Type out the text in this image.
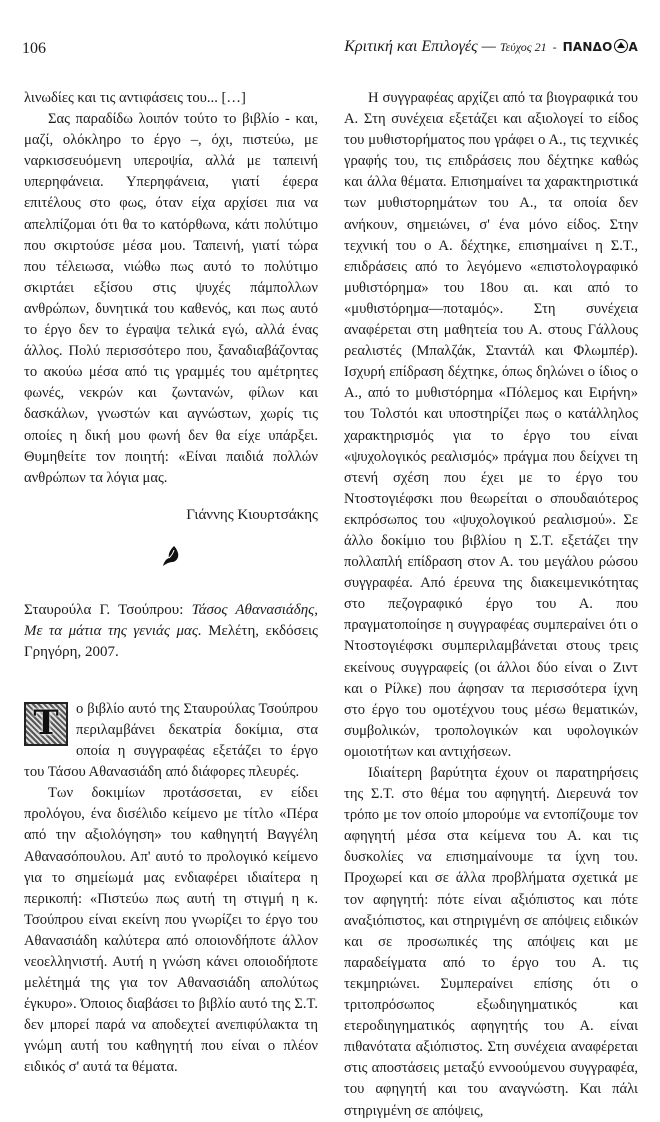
106	Κριτική και Επιλογές — Τεύχος 21 - ΠΑΝΔΟ Α

λινωδίες και τις αντιφάσεις του... […]

Σας παραδίδω λοιπόν τούτο το βιβλίο - και, μαζί, ολόκληρο το έργο –, όχι, πιστεύω, με ναρκισσευόμενη υπεροψία, αλλά με ταπεινή υπερηφάνεια. Υπερηφάνεια, γιατί έφερα επιτέλους στο φως, όταν είχα αρχίσει πια να απελπίζομαι ότι θα το κατόρθωνα, κάτι πολύτιμο που σκιρτούσε μέσα μου. Ταπεινή, γιατί τώρα που τέλειωσα, νιώθω πως αυτό το πολύτιμο σκιρτάει εξίσου στις ψυχές πάμπολλων ανθρώπων, δυνητικά του καθενός, και πως αυτό το έργο δεν το έγραψα τελικά εγώ, αλλά ένας άλλος. Πολύ περισσότερο που, ξαναδιαβάζοντας το ακούω μέσα από τις γραμμές του αμέτρητες φωνές, νεκρών και ζωντανών, φίλων και δασκάλων, γνωστών και αγνώστων, χωρίς τις οποίες η δική μου φωνή δεν θα είχε υπάρξει. Θυμηθείτε τον ποιητή: «Είναι παιδιά πολλών ανθρώπων τα λόγια μας.

Γιάννης Κιουρτσάκης

Σταυρούλα Γ. Τσούπρου: Τάσος Αθανασιάδης, Με τα μάτια της γενιάς μας. Μελέτη, εκδόσεις Γρηγόρη, 2007.

Τ	ο βιβλίο αυτό της Σταυρούλας Τσούπρου περιλαμβάνει δεκατρία δοκίμια, στα οποία η συγγραφέας εξετάζει το έργο του Τάσου Αθανασιάδη από διάφορες πλευρές.

Των δοκιμίων προτάσσεται, εν είδει προλόγου, ένα δισέλιδο κείμενο με τίτλο «Πέρα από την αξιολόγηση» του καθηγητή Βαγγέλη Αθανασόπουλου. Απ' αυτό το προλογικό κείμενο για το σημείωμά μας ενδιαφέρει ιδιαίτερα η περικοπή: «Πιστεύω πως αυτή τη στιγμή η κ. Τσούπρου είναι εκείνη που γνωρίζει το έργο του Αθανασιάδη καλύτερα από οποιονδήποτε άλλον νεοελληνιστή. Αυτή η γνώση κάνει οποιοδήποτε μελέτημά της για τον Αθανασιάδη απολύτως έγκυρο». Όποιος διαβάσει το βιβλίο αυτό της Σ.Τ. δεν μπορεί παρά να αποδεχτεί ανεπιφύλακτα τη γνώμη αυτή του καθηγητή που είναι ο πλέον ειδικός σ' αυτά τα θέματα.

Η συγγραφέας αρχίζει από τα βιογραφικά του Α. Στη συνέχεια εξετάζει και αξιολογεί το είδος του μυθιστορήματος που γράφει ο Α., τις τεχνικές γραφής του, τις επιδράσεις που δέχτηκε καθώς και άλλα θέματα. Επισημαίνει τα χαρακτηριστικά των μυθιστορημάτων του Α., τα οποία δεν ανήκουν, σημειώνει, σ' ένα μόνο είδος. Στην τεχνική του ο Α. δέχτηκε, επισημαίνει η Σ.Τ., επιδράσεις από το λεγόμενο «επιστολογραφικό μυθιστόρημα» του 18ου αι. και από το «μυθιστόρημα—ποταμός». Στη συνέχεια αναφέρεται στη μαθητεία του Α. στους Γάλλους ρεαλιστές (Μπαλζάκ, Σταντάλ και Φλωμπέρ). Ισχυρή επίδραση δέχτηκε, όπως δηλώνει ο ίδιος ο Α., από το μυθιστόρημα «Πόλεμος και Ειρήνη» του Τολστόι και υποστηρίζει πως ο κατάλληλος χαρακτηρισμός για το έργο του είναι «ψυχολογικός ρεαλισμός» πράγμα που δείχνει τη στενή σχέση που έχει με το έργο του Ντοστογιέφσκι που θεωρείται ο σπουδαιότερος εκπρόσωπος του «ψυχολογικού ρεαλισμού». Σε άλλο δοκίμιο του βιβλίου η Σ.Τ. εξετάζει την πολλαπλή επίδραση στον Α. του μεγάλου ρώσου συγγραφέα. Από έρευνα της διακειμενικότητας στο πεζογραφικό έργο του Α. που πραγματοποίησε η συγγραφέας συμπεραίνει ότι ο Ντοστογιέφσκι συμπεριλαμβάνεται στους τρεις εκείνους συγγραφείς (οι άλλοι δύο είναι ο Ζιντ και ο Ρίλκε) που άφησαν τα περισσότερα ίχνη στο έργο του ομοτέχνου τους μέσω θεματικών, συμβολικών, τροπολογικών και υφολογικών ομοιοτήτων και αντιχήσεων.

Ιδιαίτερη βαρύτητα έχουν οι παρατηρήσεις της Σ.Τ. στο θέμα του αφηγητή. Διερευνά τον τρόπο με τον οποίο μπορούμε να εντοπίζουμε τον αφηγητή μέσα στα κείμενα του Α. και τις δυσκολίες να επισημαίνουμε τα ίχνη του. Προχωρεί και σε άλλα προβλήματα σχετικά με τον αφηγητή: πότε είναι αξιόπιστος και πότε αναξιόπιστος, και στηριγμένη σε απόψεις ειδικών και σε προσωπικές της απόψεις και με παραδείγματα από το έργο του Α. τις τεκμηριώνει. Συμπεραίνει επίσης ότι ο τριτοπρόσωπος εξωδιηγηματικός και ετεροδιηγηματικός αφηγητής του Α. είναι πιθανότατα αξιόπιστος. Στη συνέχεια αναφέρεται στις αποστάσεις μεταξύ εννοούμενου συγγραφέα, του αφηγητή και του αναγνώστη. Και πάλι στηριγμένη σε απόψεις,
